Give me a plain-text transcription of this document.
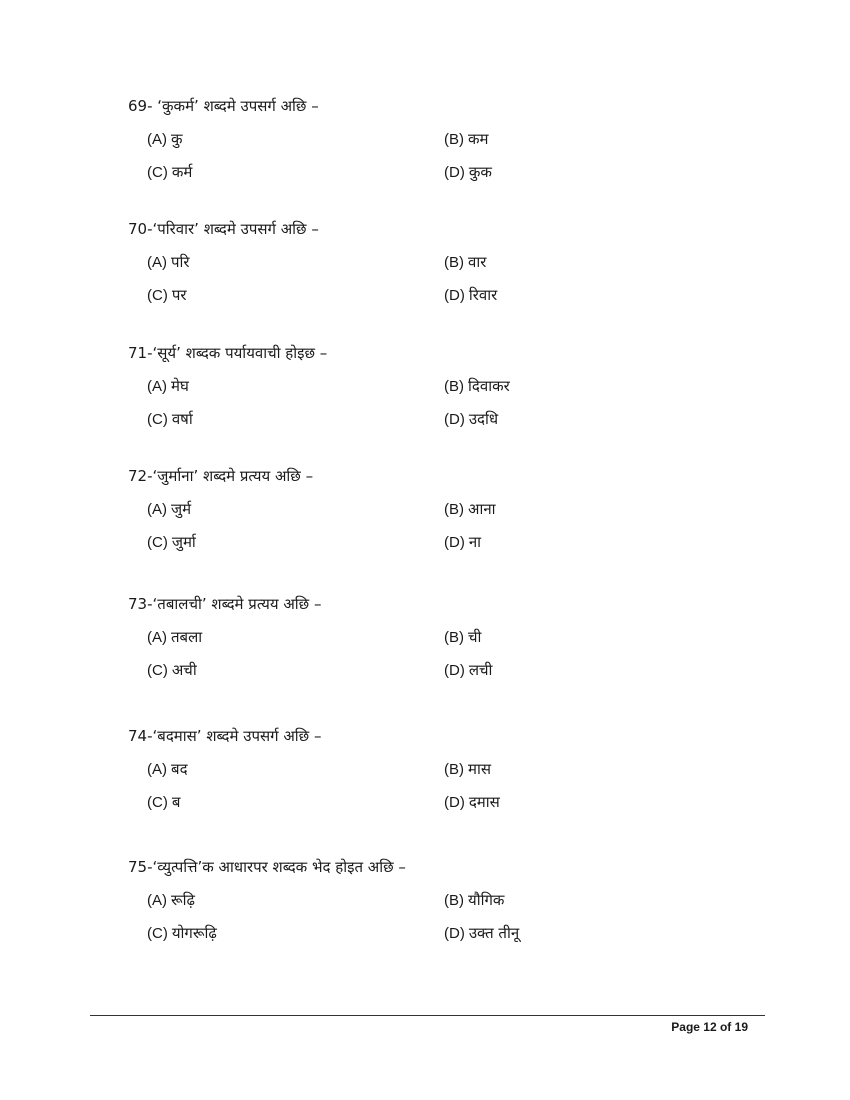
69- ‘कुकर्म’ शब्दमे उपसर्ग अछि –
(A) कु	(B) कम
(C) कर्म	(D) कुक
70-‘परिवार’ शब्दमे उपसर्ग अछि –
(A) परि	(B) वार
(C) पर	(D) रिवार
71-‘सूर्य’ शब्दक पर्यायवाची होइछ –
(A) मेघ	(B) दिवाकर
(C) वर्षा	(D) उदधि
72-‘जुर्माना’ शब्दमे प्रत्यय अछि –
(A) जुर्म	(B) आना
(C) जुर्मा	(D) ना
73-‘तबालची’ शब्दमे प्रत्यय अछि –
(A) तबला	(B) ची
(C) अची	(D) लची
74-‘बदमास’ शब्दमे उपसर्ग अछि –
(A) बद	(B) मास
(C) ब	(D) दमास
75-‘व्युत्पत्ति’क आधारपर शब्दक भेद होइत अछि –
(A) रूढ़ि	(B) यौगिक
(C) योगरूढ़ि	(D) उक्त तीनू
Page 12 of 19
